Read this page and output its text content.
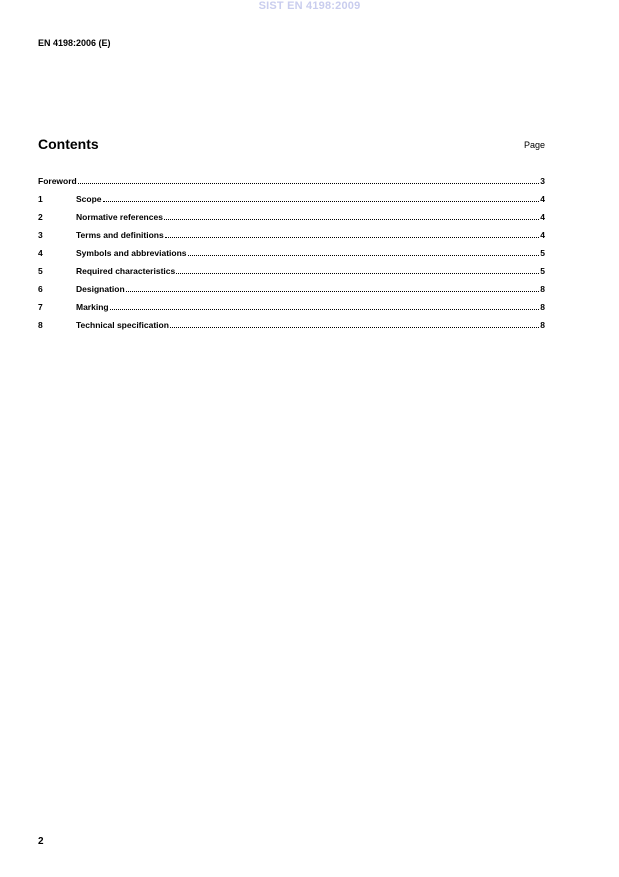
SIST EN 4198:2009
EN 4198:2006 (E)
Contents	Page
Foreword	3
1	Scope	4
2	Normative references	4
3	Terms and definitions	4
4	Symbols and abbreviations	5
5	Required characteristics	5
6	Designation	8
7	Marking	8
8	Technical specification	8
2
